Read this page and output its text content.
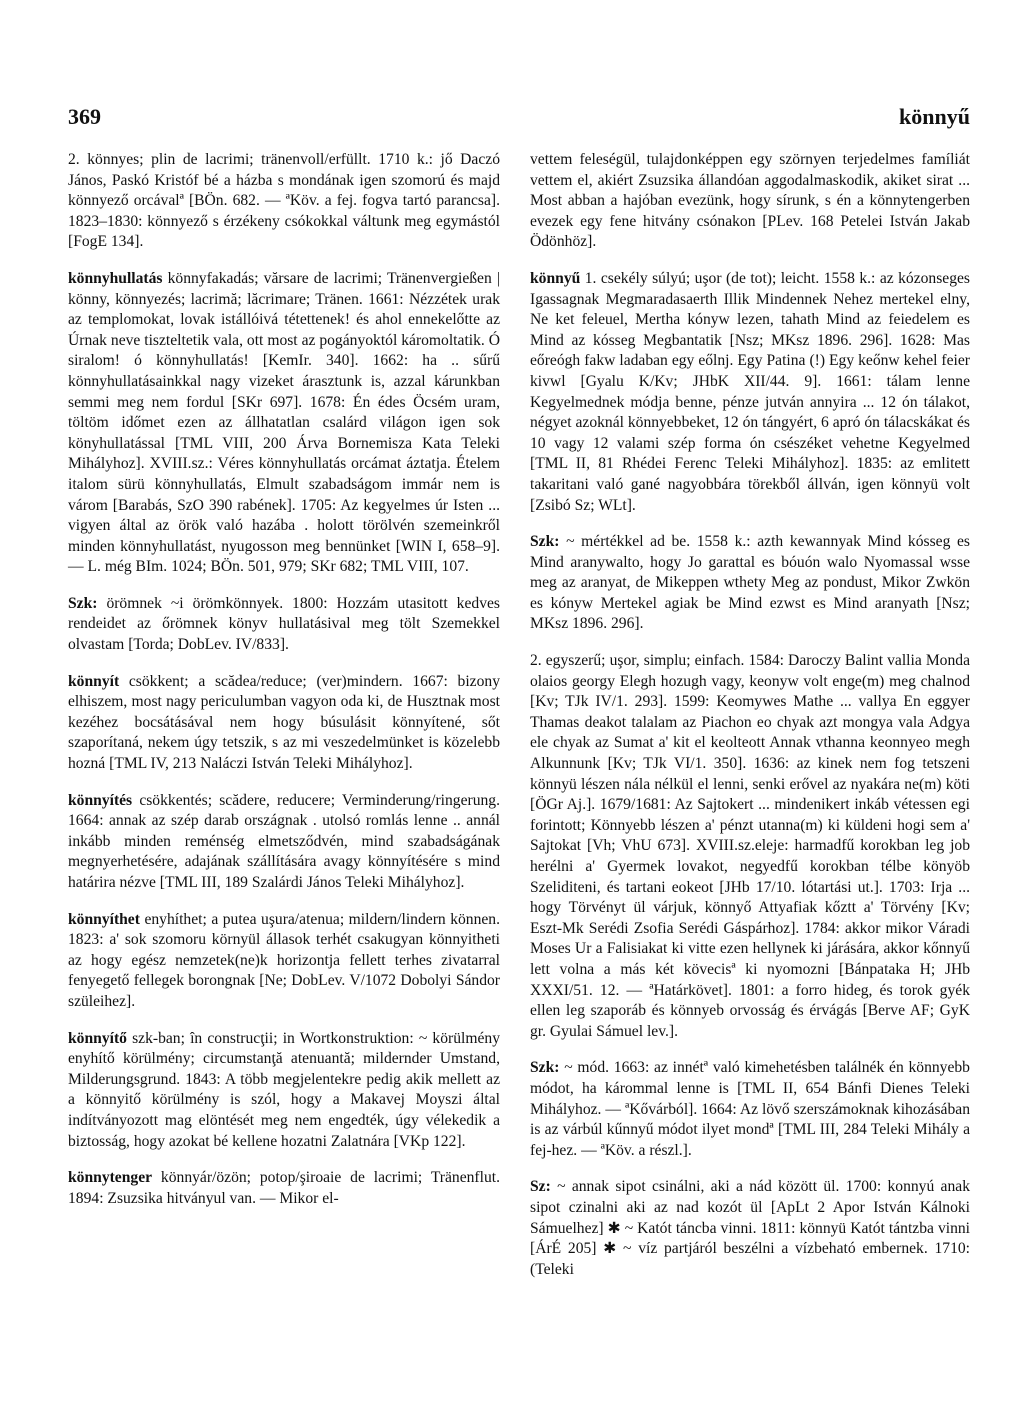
369	könnyű
2. könnyes; plin de lacrimi; tränenvoll/erfüllt. 1710 k.: jő Daczó János, Paskó Kristóf bé a házba s mondának igen szomorú és majd könnyező orcávalª [BÖn. 682. — ªKöv. a fej. fogva tartó parancsa]. 1823–1830: könnyező s érzékeny csókokkal váltunk meg egymástól [FogE 134].
könnyhullatás könnyfakadás; vărsare de lacrimi; Tränenvergießen | könny, könnyezés; lacrimă; lăcrimare; Tränen. 1661: Nézzétek urak az templomokat, lovak istállóivá tétettenek! és ahol ennekelőtte az Úrnak neve tiszteltetik vala, ott most az pogányoktól káromoltatik. Ó siralom! ó könnyhullatás! [KemIr. 340]. 1662: ha .. sűrű könnyhullatásainkkal nagy vizeket árasztunk is, azzal kárunkban semmi meg nem fordul [SKr 697]. 1678: Én édes Öcsém uram, töltöm időmet ezen az állhatatlan csalárd világon igen sok könyhullatással [TML VIII, 200 Árva Bornemisza Kata Teleki Mihályhoz]. XVIII.sz.: Véres könnyhullatás orcámat áztatja. Ételem italom sürü könnyhullatás, Elmult szabadságom immár nem is várom [Barabás, SzO 390 rabének]. 1705: Az kegyelmes úr Isten ... vigyen által az örök való hazába . holott törölvén szemeinkről minden könnyhullatást, nyugosson meg bennünket [WIN I, 658–9]. — L. még BIm. 1024; BÖn. 501, 979; SKr 682; TML VIII, 107.
Szk: örömnek ~i örömkönnyek. 1800: Hozzám utasitott kedves rendeidet az őrömnek könyv hullatásival meg tölt Szemekkel olvastam [Torda; DobLev. IV/833].
könnyít csökkent; a scădea/reduce; (ver)mindern. 1667: bizony elhiszem, most nagy periculumban vagyon oda ki, de Husztnak most kezéhez bocsátásával nem hogy búsulásit könnyítené, sőt szaporítaná, nekem úgy tetszik, s az mi veszedelmünket is közelebb hozná [TML IV, 213 Naláczi István Teleki Mihályhoz].
könnyítés csökkentés; scădere, reducere; Verminderung/ringerung. 1664: annak az szép darab országnak . utolsó romlás lenne .. annál inkább minden reménség elmetsződvén, mind szabadságának megnyerhetésére, adajának szállítására avagy könnyítésére s mind határira nézve [TML III, 189 Szalárdi János Teleki Mihályhoz].
könnyíthet enyhíthet; a putea uşura/atenua; mildern/lindern können. 1823: a' sok szomoru környül állasok terhét csakugyan könnyitheti az hogy egész nemzetek(ne)k horizontja fellett terhes zivatarral fenyegető fellegek borongnak [Ne; DobLev. V/1072 Dobolyi Sándor szüleihez].
könnyítő szk-ban; în construcţii; in Wortkonstruktion: ~ körülmény enyhítő körülmény; circumstanţă atenuantă; mildernder Umstand, Milderungsgrund. 1843: A több megjelentekre pedig akik mellett az a könnyitő körülmény is szól, hogy a Makavej Moyszi által indítványozott mag elöntését meg nem engedték, úgy vélekedik a biztosság, hogy azokat bé kellene hozatni Zalatnára [VKp 122].
könnytenger könnyár/özön; potop/şiroaie de lacrimi; Tränenflut. 1894: Zsuzsika hitványul van. — Mikor el-
vettem feleségül, tulajdonképpen egy szörnyen terjedelmes famíliát vettem el, akiért Zsuzsika állandóan aggodalmaskodik, akiket sirat ... Most abban a hajóban evezünk, hogy sírunk, s én a könnytengerben evezek egy fene hitvány csónakon [PLev. 168 Petelei István Jakab Ödönhöz].
könnyű 1. csekély súlyú; uşor (de tot); leicht. 1558 k.: az kózonseges Igassagnak Megmaradasaerth Illik Mindennek Nehez mertekel elny, Ne ket feleuel, Mertha kónyw lezen, tahath Mind az feiedelem es Mind az kósseg Megbantatik [Nsz; MKsz 1896. 296]. 1628: Mas eőreógh fakw ladaban egy eőlnj. Egy Patina (!) Egy keőnw kehel feier kivwl [Gyalu K/Kv; JHbK XII/44. 9]. 1661: tálam lenne Kegyelmednek módja benne, pénze jutván annyira ... 12 ón tálakot, négyet azoknál könnyebbeket, 12 ón tángyért, 6 apró ón tálacskákat és 10 vagy 12 valami szép forma ón csészéket vehetne Kegyelmed [TML II, 81 Rhédei Ferenc Teleki Mihályhoz]. 1835: az emlitett takaritani való gané nagyobbára törekből állván, igen könnyü volt [Zsibó Sz; WLt].
Szk: ~ mértékkel ad be. 1558 k.: azth kewannyak Mind kósseg es Mind aranywalto, hogy Jo garattal es bóuón walo Nyomassal wsse meg az aranyat, de Mikeppen wthety Meg az pondust, Mikor Zwkön es kónyw Mertekel agiak be Mind ezwst es Mind aranyath [Nsz; MKsz 1896. 296].
2. egyszerű; uşor, simplu; einfach. 1584: Daroczy Balint vallia Monda olaios georgy Elegh hozugh vagy, keonyw volt enge(m) meg chalnod [Kv; TJk IV/1. 293]. 1599: Keomywes Mathe ... vallya En eggyer Thamas deakot talalam az Piachon eo chyak azt mongya vala Adgya ele chyak az Sumat a' kit el keolteott Annak vthanna keonnyeo megh Alkunnunk [Kv; TJk VI/1. 350]. 1636: az kinek nem fog tetszeni könnyü lészen nála nélkül el lenni, senki erővel az nyakára ne(m) köti [ÖGr Aj.]. 1679/1681: Az Sajtokert ... mindenikert inkáb vétessen egi forintott; Könnyebb lészen a' pénzt utanna(m) ki küldeni hogi sem a' Sajtokat [Vh; VhU 673]. XVIII.sz.eleje: harmadfű korokban leg job herélni a' Gyermek lovakot, negyedfű korokban télbe könyöb Szeliditeni, és tartani eokeot [JHb 17/10. lótartási ut.]. 1703: Irja ... hogy Törvényt ül várjuk, könnyő Attyafiak kőztt a' Törvény [Kv; Eszt-Mk Serédi Zsofia Serédi Gáspárhoz]. 1784: akkor mikor Váradi Moses Ur a Falisiakat ki vitte ezen hellynek ki járására, akkor kőnnyű lett volna a más két kövecisª ki nyomozni [Bánpataka H; JHb XXXI/51. 12. — ªHatárkövet]. 1801: a forro hideg, és torok gyék ellen leg szaporáb és könnyeb orvosság és érvágás [Berve AF; GyK gr. Gyulai Sámuel lev.].
Szk: ~ mód. 1663: az innétª való kimehetésben találnék én könnyebb módot, ha kárommal lenne is [TML II, 654 Bánfi Dienes Teleki Mihályhoz. — ªKővárból]. 1664: Az lövő szerszámoknak kihozásában is az várbúl kűnnyű módot ilyet mondª [TML III, 284 Teleki Mihály a fej-hez. — ªKöv. a részl.].
Sz: ~ annak sipot csinálni, aki a nád között ül. 1700: konnyú anak sipot czinalni aki az nad kozót ül [ApLt 2 Apor István Kálnoki Sámuelhez] ✱ ~ Katót táncba vinni. 1811: könnyü Katót tántzba vinni [ÁrÉ 205] ✱ ~ víz partjáról beszélni a vízbeható embernek. 1710: (Teleki
